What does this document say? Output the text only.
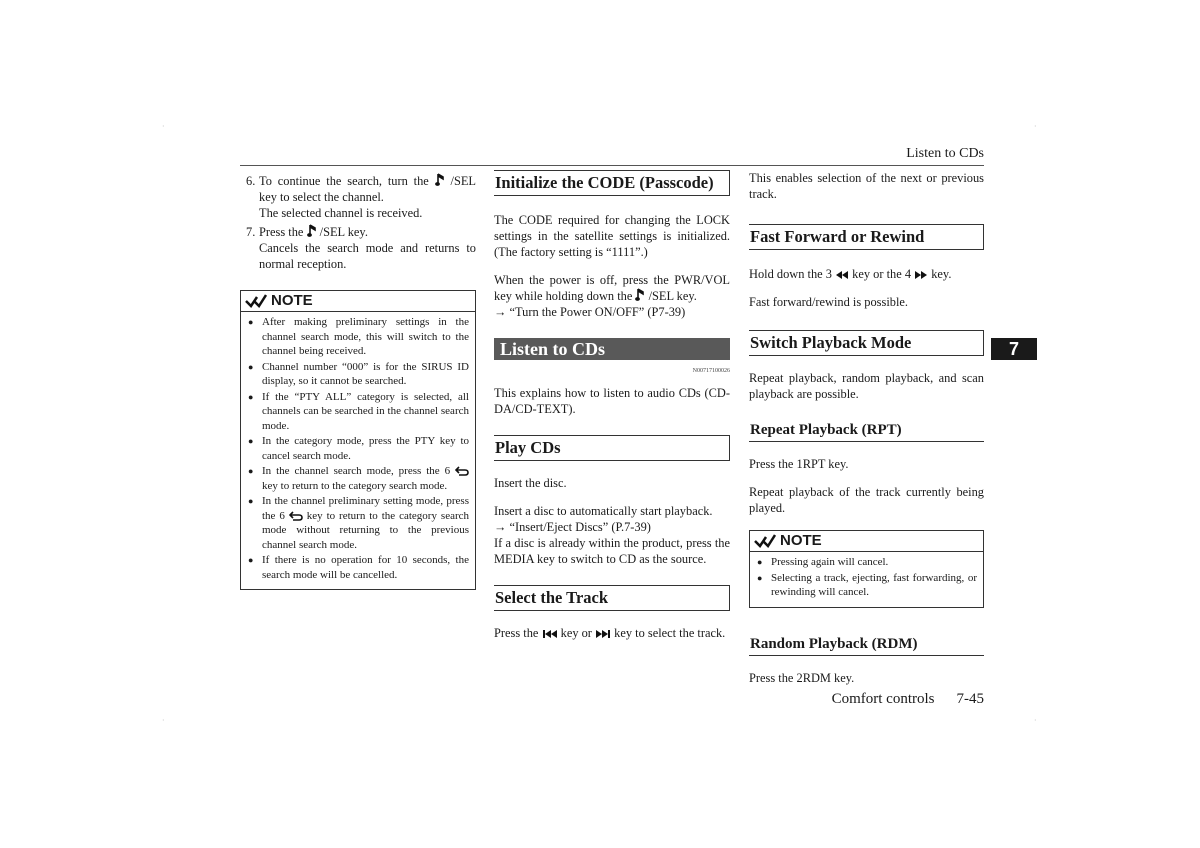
Listen to CDs
7
·	·
·	·
6. To continue the search, turn the /SEL key to select the channel.
The selected channel is received.
7. Press the /SEL key.
Cancels the search mode and returns to normal reception.
NOTE
● After making preliminary settings in the channel search mode, this will switch to the channel being received.
● Channel number “000” is for the SIRUS ID display, so it cannot be searched.
● If the “PTY ALL” category is selected, all channels can be searched in the channel search mode.
● In the category mode, press the PTY key to cancel search mode.
● In the channel search mode, press the 6  key to return to the category search mode.
● In the channel preliminary setting mode, press the 6 key to return to the category search mode without returning to the previous channel search mode.
● If there is no operation for 10 seconds, the search mode will be cancelled.
Initialize the CODE (Passcode)

The CODE required for changing the LOCK settings in the satellite settings is initialized. (The factory setting is “1111”.)

When the power is off, press the PWR/VOL key while holding down the /SEL key.

→ “Turn the Power ON/OFF” (P7-39)

Listen to CDs
N00717100026

This explains how to listen to audio CDs (CD-DA/CD-TEXT).

Play CDs

Insert the disc.

Insert a disc to automatically start playback.

→ “Insert/Eject Discs” (P.7-39)

If a disc is already within the product, press the MEDIA key to switch to CD as the source.

Select the Track

Press the key or key to select the track.

This enables selection of the next or previous track.

Fast Forward or Rewind

Hold down the 3 key or the 4 key.

Fast forward/rewind is possible.

Switch Playback Mode

Repeat playback, random playback, and scan playback are possible.

Repeat Playback (RPT)

Press the 1RPT key.

Repeat playback of the track currently being played.

NOTE
● Pressing again will cancel.
● Selecting a track, ejecting, fast forwarding, or rewinding will cancel.
Random Playback (RDM)

Press the 2RDM key.

Comfort controls 7-45
